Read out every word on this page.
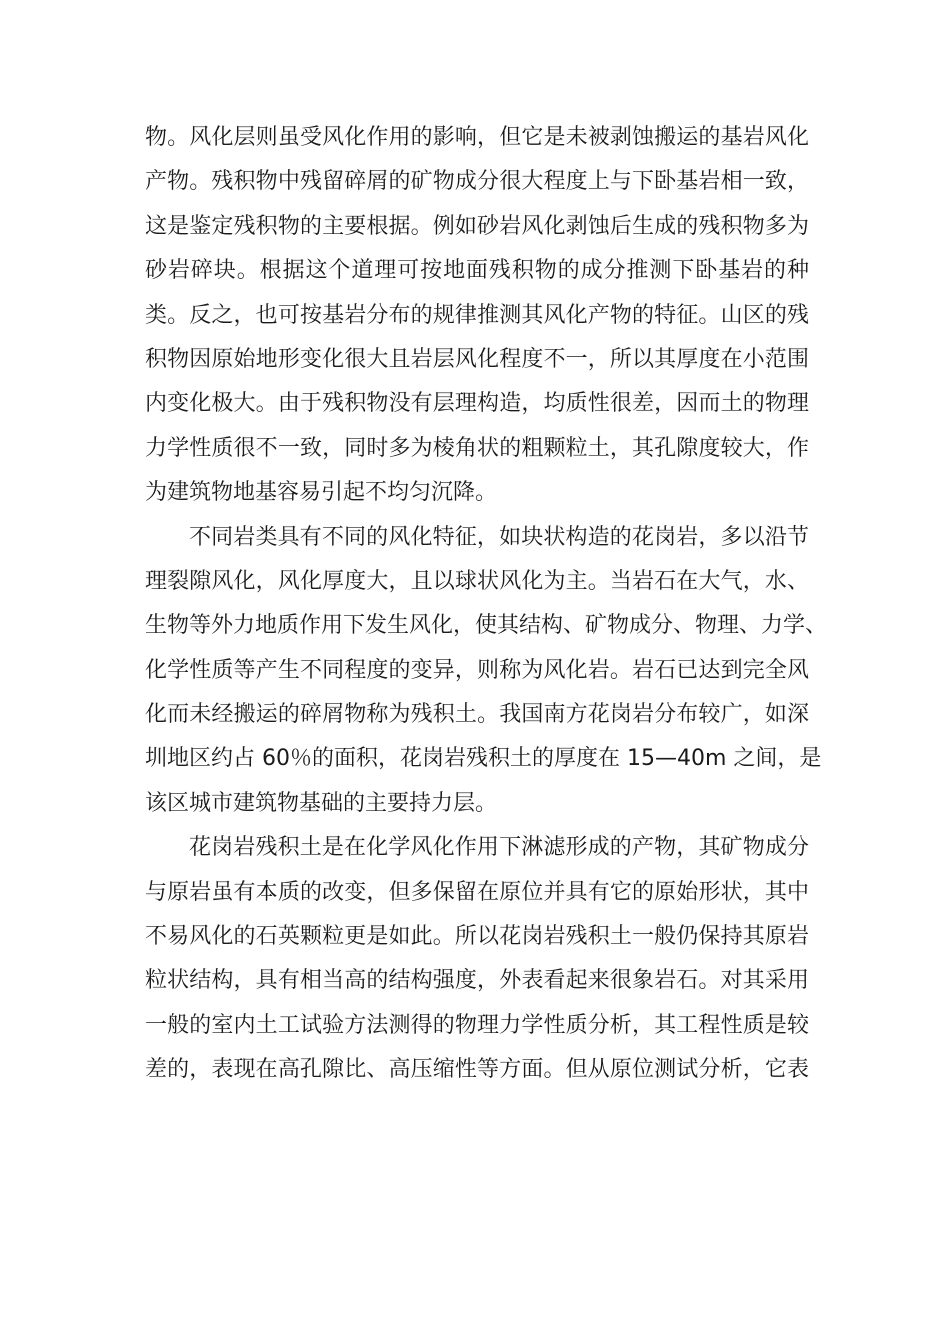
物。风化层则虽受风化作用的影响，但它是未被剥蚀搬运的基岩风化
产物。残积物中残留碎屑的矿物成分很大程度上与下卧基岩相一致，
这是鉴定残积物的主要根据。例如砂岩风化剥蚀后生成的残积物多为
砂岩碎块。根据这个道理可按地面残积物的成分推测下卧基岩的种
类。反之，也可按基岩分布的规律推测其风化产物的特征。山区的残
积物因原始地形变化很大且岩层风化程度不一，所以其厚度在小范围
内变化极大。由于残积物没有层理构造，均质性很差，因而土的物理
力学性质很不一致，同时多为棱角状的粗颗粒土，其孔隙度较大，作
为建筑物地基容易引起不均匀沉降。
不同岩类具有不同的风化特征，如块状构造的花岗岩，多以沿节
理裂隙风化，风化厚度大，且以球状风化为主。当岩石在大气，水、
生物等外力地质作用下发生风化，使其结构、矿物成分、物理、力学、
化学性质等产生不同程度的变异，则称为风化岩。岩石已达到完全风
化而未经搬运的碎屑物称为残积土。我国南方花岗岩分布较广，如深
圳地区约占 60％的面积，花岗岩残积土的厚度在 15—40m 之间，是
该区城市建筑物基础的主要持力层。
花岗岩残积土是在化学风化作用下淋滤形成的产物，其矿物成分
与原岩虽有本质的改变，但多保留在原位并具有它的原始形状，其中
不易风化的石英颗粒更是如此。所以花岗岩残积土一般仍保持其原岩
粒状结构，具有相当高的结构强度，外表看起来很象岩石。对其采用
一般的室内土工试验方法测得的物理力学性质分析，其工程性质是较
差的，表现在高孔隙比、高压缩性等方面。但从原位测试分析，它表
